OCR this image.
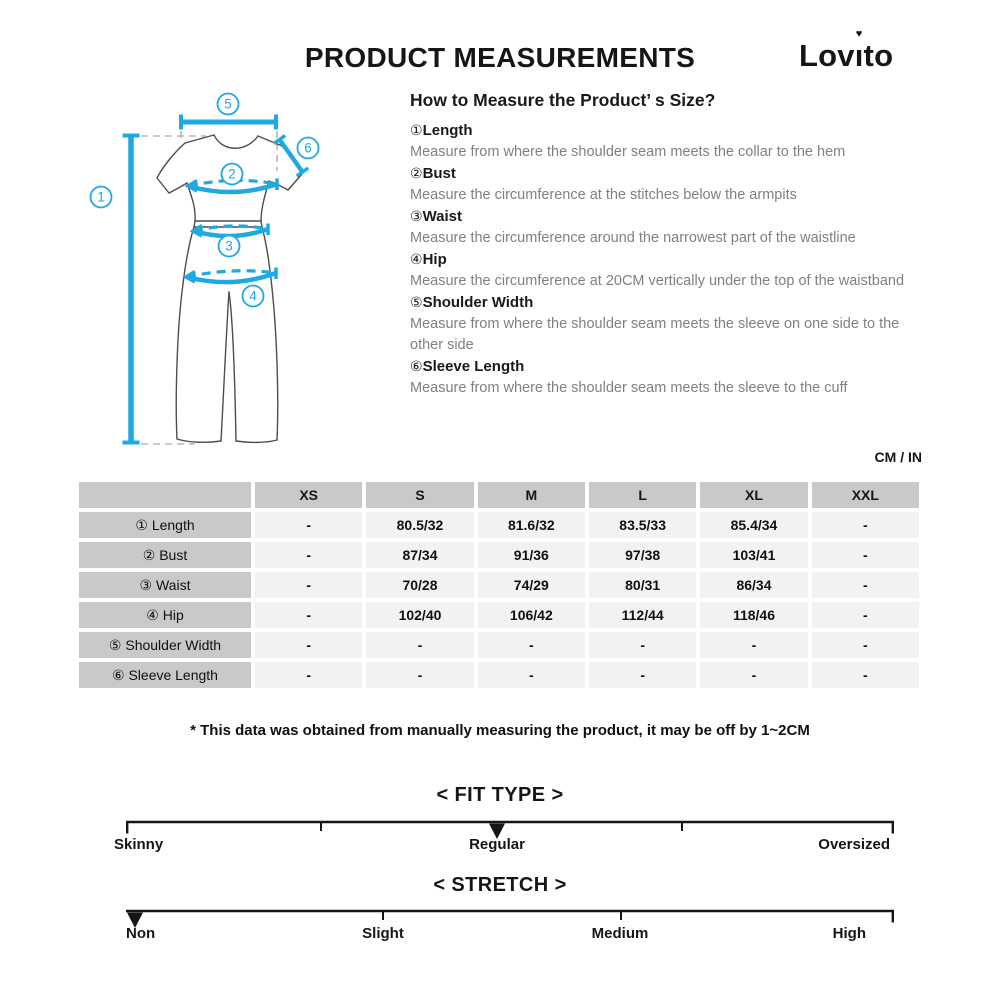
PRODUCT MEASUREMENTS	Lovı
♥
to
1
2
3
4
5
6
How to Measure the Product’ s Size?
①Length
Measure from where the shoulder seam meets the collar to the hem
②Bust
Measure the circumference at the stitches below the armpits
③Waist
Measure the circumference around the narrowest part of the waistline
④Hip
Measure the circumference at 20CM vertically under the top of the waistband
⑤Shoulder Width
Measure from where the shoulder seam meets the sleeve on one side to the other side
⑥Sleeve Length
Measure from where the shoulder seam meets the sleeve to the cuff
CM / IN
	XS	S	M	L	XL	XXL
① Length	-	80.5/32	81.6/32	83.5/33	85.4/34	-
② Bust	-	87/34	91/36	97/38	103/41	-
③ Waist	-	70/28	74/29	80/31	86/34	-
④ Hip	-	102/40	106/42	112/44	118/46	-
⑤ Shoulder Width	-	-	-	-	-	-
⑥ Sleeve Length	-	-	-	-	-	-
* This data was obtained from manually measuring the product, it may be off by 1~2CM
< FIT TYPE >
Skinny	Regular	Oversized
< STRETCH >
Non	Slight	Medium	High
